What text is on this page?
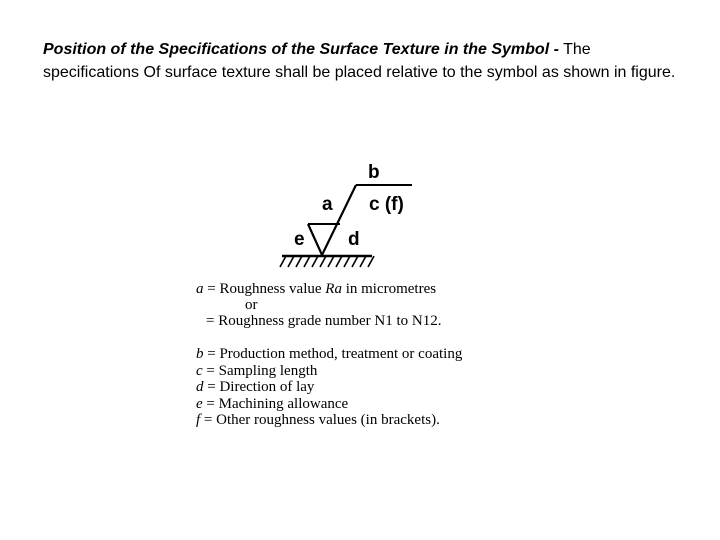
Position of the Specifications of the Surface Texture in the Symbol - The specifications Of surface texture shall be placed relative to the symbol as shown in figure.

b
a c (f)
e d
a = Roughness value Ra in micrometres
or
= Roughness grade number N1 to N12.
b = Production method, treatment or coating
c = Sampling length
d = Direction of lay
e = Machining allowance
f = Other roughness values (in brackets).
